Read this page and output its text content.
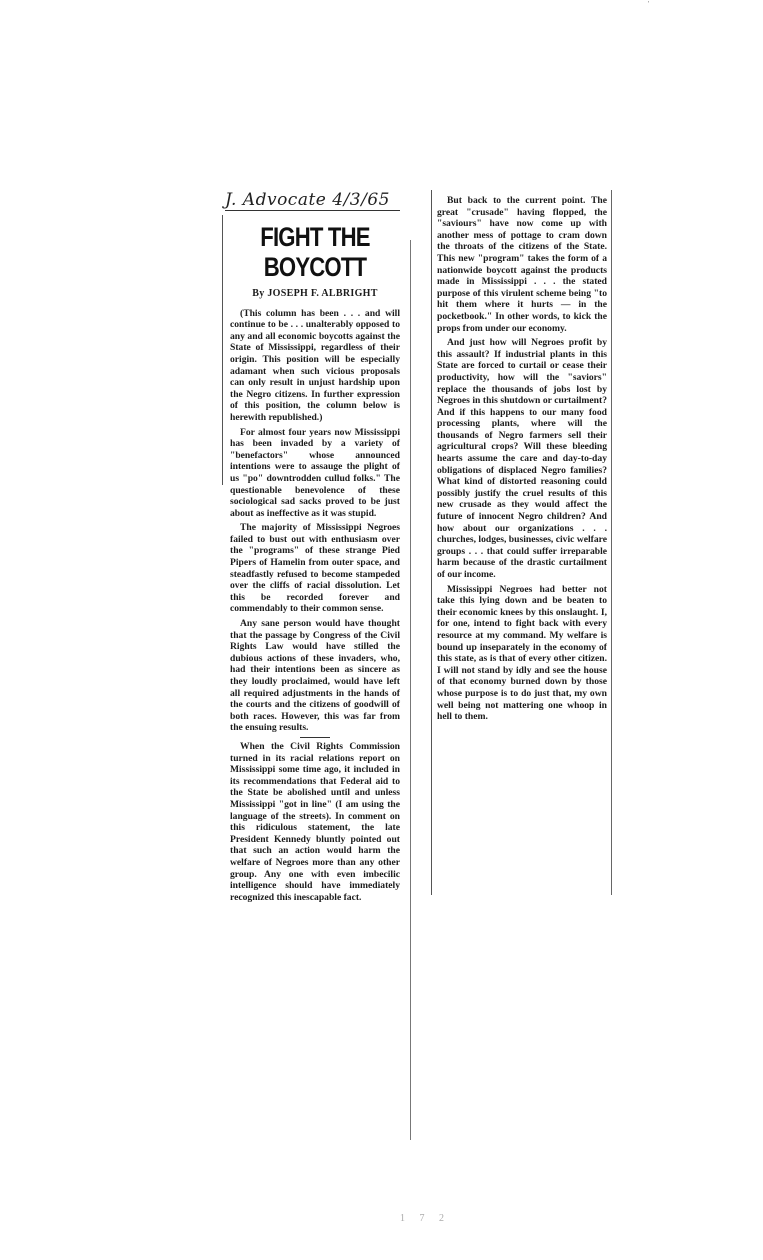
'
J. Advocate 4/3/65
FIGHT THE
BOYCOTT
By JOSEPH F. ALBRIGHT

(This column has been . . . and will continue to be . . . unalterably opposed to any and all economic boycotts against the State of Mississippi, regardless of their origin. This position will be especially adamant when such vicious proposals can only result in unjust hardship upon the Negro citizens. In further expression of this position, the column below is herewith republished.)

For almost four years now Mississippi has been invaded by a variety of "benefactors" whose announced intentions were to assauge the plight of us "po" downtrodden cullud folks." The questionable benevolence of these sociological sad sacks proved to be just about as ineffective as it was stupid.

The majority of Mississippi Negroes failed to bust out with enthusiasm over the "programs" of these strange Pied Pipers of Hamelin from outer space, and steadfastly refused to become stampeded over the cliffs of racial dissolution. Let this be recorded forever and commendably to their common sense.

Any sane person would have thought that the passage by Congress of the Civil Rights Law would have stilled the dubious actions of these invaders, who, had their intentions been as sincere as they loudly proclaimed, would have left all required adjustments in the hands of the courts and the citizens of goodwill of both races. However, this was far from the ensuing results.

When the Civil Rights Commission turned in its racial relations report on Mississippi some time ago, it included in its recommendations that Federal aid to the State be abolished until and unless Mississippi "got in line" (I am using the language of the streets). In comment on this ridiculous statement, the late President Kennedy bluntly pointed out that such an action would harm the welfare of Negroes more than any other group. Any one with even imbecilic intelligence should have immediately recognized this inescapable fact.

But back to the current point. The great "crusade" having flopped, the "saviours" have now come up with another mess of pottage to cram down the throats of the citizens of the State. This new "program" takes the form of a nationwide boycott against the products made in Mississippi . . . the stated purpose of this virulent scheme being "to hit them where it hurts — in the pocketbook." In other words, to kick the props from under our economy.

And just how will Negroes profit by this assault? If industrial plants in this State are forced to curtail or cease their productivity, how will the "saviors" replace the thousands of jobs lost by Negroes in this shutdown or curtailment? And if this happens to our many food processing plants, where will the thousands of Negro farmers sell their agricultural crops? Will these bleeding hearts assume the care and day-to-day obligations of displaced Negro families? What kind of distorted reasoning could possibly justify the cruel results of this new crusade as they would affect the future of innocent Negro children? And how about our organizations . . . churches, lodges, businesses, civic welfare groups . . . that could suffer irreparable harm because of the drastic curtailment of our income.

Mississippi Negroes had better not take this lying down and be beaten to their economic knees by this onslaught. I, for one, intend to fight back with every resource at my command. My welfare is bound up inseparately in the economy of this state, as is that of every other citizen. I will not stand by idly and see the house of that economy burned down by those whose purpose is to do just that, my own well being not mattering one whoop in hell to them.

1 7 2
